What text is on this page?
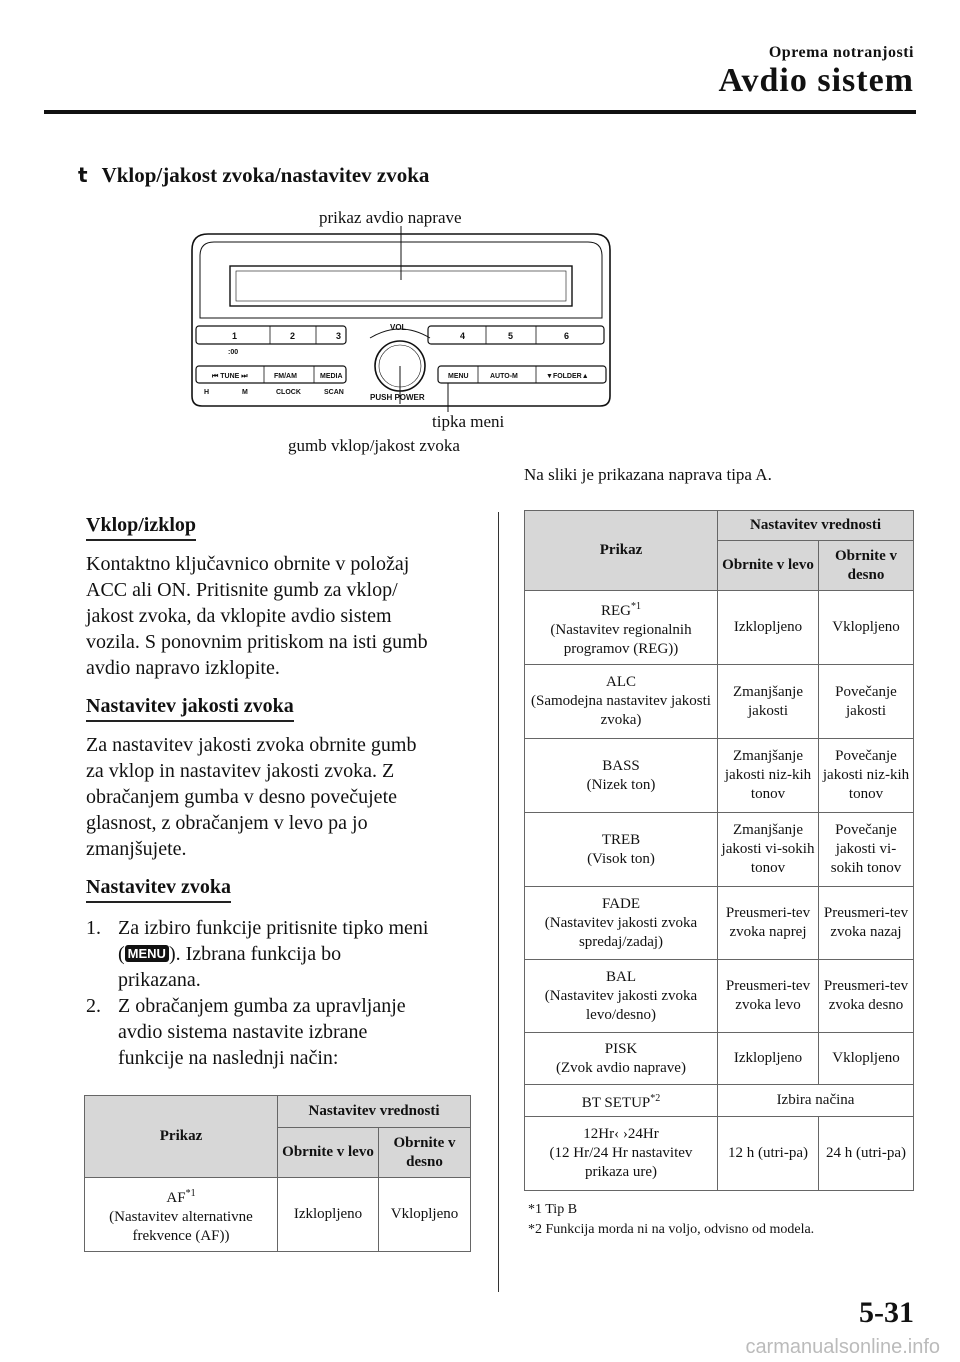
Oprema notranjosti
Avdio sistem
t Vklop/jakost zvoka/nastavitev zvoka
prikaz avdio naprave
tipka meni
gumb vklop/jakost zvoka
1	2	3	4	5	6
:00
VOL
PUSH POWER
⏮ TUNE ⏭	FM/AM	MEDIA
H	M	CLOCK	SCAN
MENU	AUTO-M	▼FOLDER▲
Na sliki je prikazana naprava tipa A.
Vklop/izklop
Kontaktno ključavnico obrnite v položaj
ACC ali ON. Pritisnite gumb za vklop/
jakost zvoka, da vklopite avdio sistem
vozila. S ponovnim pritiskom na isti gumb
avdio napravo izklopite.
Nastavitev jakosti zvoka
Za nastavitev jakosti zvoka obrnite gumb
za vklop in nastavitev jakosti zvoka. Z
obračanjem gumba v desno povečujete
glasnost, z obračanjem v levo pa jo
zmanjšujete.
Nastavitev zvoka
1. Za izbiro funkcije pritisnite tipko meni
( MENU ). Izbrana funkcija bo
prikazana.
2. Z obračanjem gumba za upravljanje
avdio sistema nastavite izbrane
funkcije na naslednji način:
Prikaz	Nastavitev vrednosti	
	Obrnite v levo	Obrnite v desno
AF$^{*1}$
(Nastavitev alternativne frekvence (AF))	Izklopljeno	Vklopljeno
Prikaz	Nastavitev vrednosti	
	Obrnite v levo	Obrnite v desno
REG$^{*1}$
(Nastavitev regionalnih programov (REG))	Izklopljeno	Vklopljeno
ALC
(Samodejna nastavitev jakosti zvoka)	Zmanjšanje jakosti	Povečanje jakosti
BASS
(Nizek ton)	Zmanjšanje jakosti niz-kih tonov	Povečanje jakosti niz-kih tonov
TREB
(Visok ton)	Zmanjšanje jakosti vi-sokih tonov	Povečanje jakosti vi-sokih tonov
FADE
(Nastavitev jakosti zvoka spredaj/zadaj)	Preusmeri-tev zvoka naprej	Preusmeri-tev zvoka nazaj
BAL
(Nastavitev jakosti zvoka levo/desno)	Preusmeri-tev zvoka levo	Preusmeri-tev zvoka desno
PISK
(Zvok avdio naprave)	Izklopljeno	Vklopljeno
BT SETUP$^{*2}$	Izbira načina	
12Hr‹ ›24Hr
(12 Hr/24 Hr nastavitev prikaza ure)	12 h (utri-pa)	24 h (utri-pa)
*1 Tip B
*2 Funkcija morda ni na voljo, odvisno od modela.
5-31
carmanualsonline.info
